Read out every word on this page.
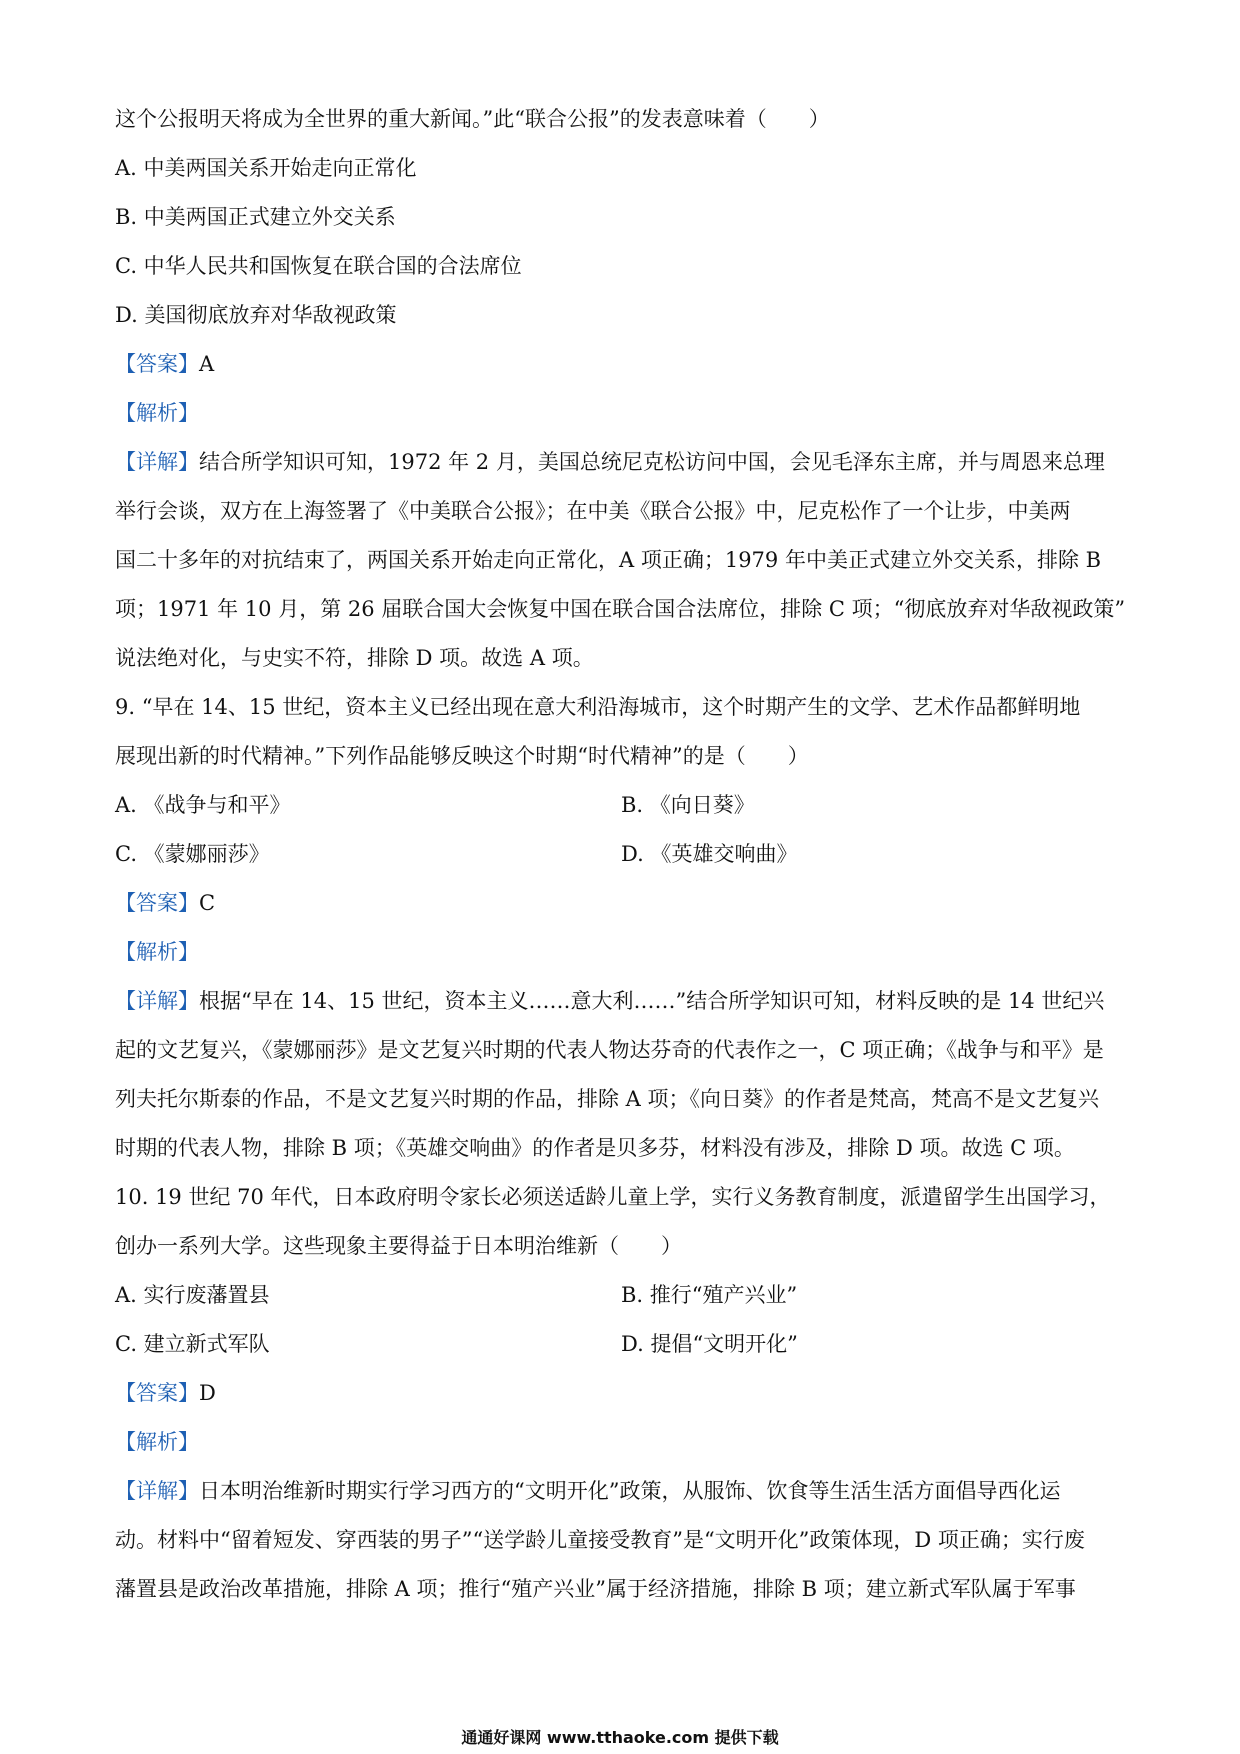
这个公报明天将成为全世界的重大新闻。”此“联合公报”的发表意味着（　　）
A. 中美两国关系开始走向正常化
B. 中美两国正式建立外交关系
C. 中华人民共和国恢复在联合国的合法席位
D. 美国彻底放弃对华敌视政策
【答案】A
【解析】
【详解】结合所学知识可知，1972 年 2 月，美国总统尼克松访问中国，会见毛泽东主席，并与周恩来总理
举行会谈，双方在上海签署了《中美联合公报》；在中美《联合公报》中，尼克松作了一个让步，中美两
国二十多年的对抗结束了，两国关系开始走向正常化，A 项正确；1979 年中美正式建立外交关系，排除 B
项；1971 年 10 月，第 26 届联合国大会恢复中国在联合国合法席位，排除 C 项；“彻底放弃对华敌视政策”
说法绝对化，与史实不符，排除 D 项。故选 A 项。
9. “早在 14、15 世纪，资本主义已经出现在意大利沿海城市，这个时期产生的文学、艺术作品都鲜明地
展现出新的时代精神。”下列作品能够反映这个时期“时代精神”的是（　　）
A. 《战争与和平》	B. 《向日葵》
C. 《蒙娜丽莎》	D. 《英雄交响曲》
【答案】C
【解析】
【详解】根据“早在 14、15 世纪，资本主义……意大利……”结合所学知识可知，材料反映的是 14 世纪兴
起的文艺复兴，《蒙娜丽莎》是文艺复兴时期的代表人物达芬奇的代表作之一，C 项正确；《战争与和平》是
列夫托尔斯泰的作品，不是文艺复兴时期的作品，排除 A 项；《向日葵》的作者是梵高，梵高不是文艺复兴
时期的代表人物，排除 B 项；《英雄交响曲》的作者是贝多芬，材料没有涉及，排除 D 项。故选 C 项。
10. 19 世纪 70 年代，日本政府明令家长必须送适龄儿童上学，实行义务教育制度，派遣留学生出国学习，
创办一系列大学。这些现象主要得益于日本明治维新（　　）
A. 实行废藩置县	B. 推行“殖产兴业”
C. 建立新式军队	D. 提倡“文明开化”
【答案】D
【解析】
【详解】日本明治维新时期实行学习西方的“文明开化”政策，从服饰、饮食等生活生活方面倡导西化运
动。材料中“留着短发、穿西装的男子”“送学龄儿童接受教育”是“文明开化”政策体现，D 项正确；实行废
藩置县是政治改革措施，排除 A 项；推行“殖产兴业”属于经济措施，排除 B 项；建立新式军队属于军事
通通好课网 www.tthaoke.com 提供下载
